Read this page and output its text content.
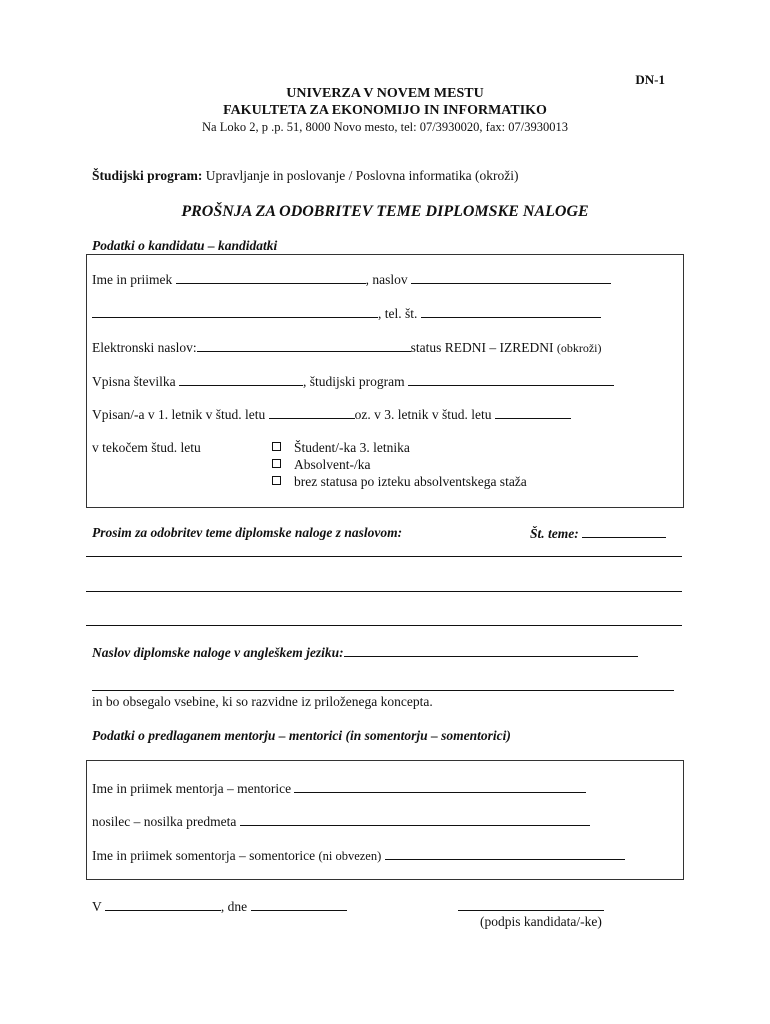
DN-1
UNIVERZA V NOVEM MESTU
FAKULTETA ZA EKONOMIJO IN INFORMATIKO
Na Loko 2, p .p. 51, 8000 Novo mesto, tel: 07/3930020, fax: 07/3930013
Študijski program: Upravljanje in poslovanje / Poslovna informatika (okroži)
PROŠNJA ZA ODOBRITEV TEME DIPLOMSKE NALOGE
Podatki o kandidatu – kandidatki
Ime in priimek	, naslov
, tel. št.
Elektronski naslov:	status REDNI – IZREDNI (obkroži)
Vpisna številka	, študijski program
Vpisan/-a v 1. letnik v štud. letu	oz. v 3. letnik v štud. letu
v tekočem štud. letu	Študent/-ka 3. letnika
Absolvent-/ka
brez statusa po izteku absolventskega staža
Prosim za odobritev teme diplomske naloge z naslovom:	Št. teme:
Naslov diplomske naloge v angleškem jeziku:
in bo obsegalo vsebine, ki so razvidne iz priloženega koncepta.
Podatki o predlaganem mentorju – mentorici (in somentorju – somentorici)
Ime in priimek mentorja – mentorice
nosilec – nosilka predmeta
Ime in priimek somentorja – somentorice (ni obvezen)
V	, dne
(podpis kandidata/-ke)
